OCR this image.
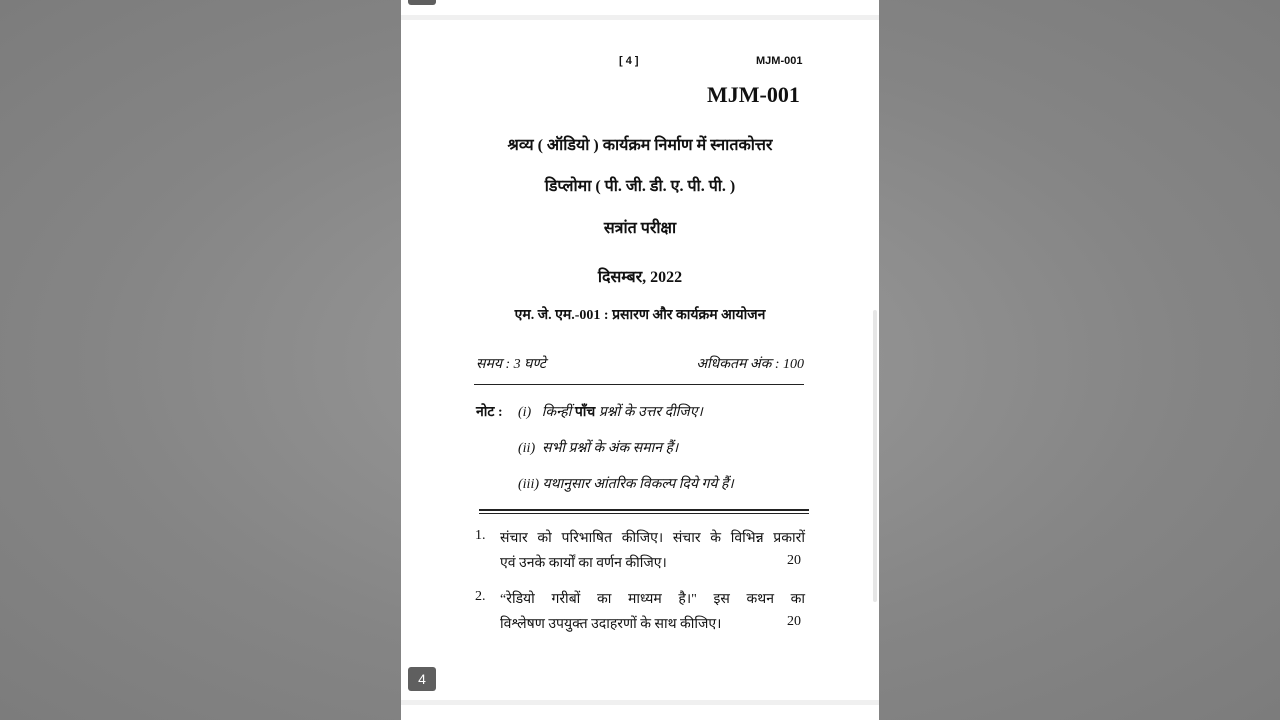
[ 4 ]	MJM-001
MJM-001
श्रव्य ( ऑडियो ) कार्यक्रम निर्माण में स्नातकोत्तर
डिप्लोमा ( पी. जी. डी. ए. पी. पी. )
सत्रांत परीक्षा
दिसम्बर, 2022
एम. जे. एम.-001 : प्रसारण और कार्यक्रम आयोजन
समय : 3 घण्टे	अधिकतम अंक : 100
नोट : (i) किन्हीं पाँच प्रश्नों के उत्तर दीजिए।
(ii) सभी प्रश्नों के अंक समान हैं।
(iii) यथानुसार आंतरिक विकल्प दिये गये हैं।
1. संचार को परिभाषित कीजिए। संचार के विभिन्न प्रकारों
एवं उनके कार्यों का वर्णन कीजिए।	20
2. “रेडियो गरीबों का माध्यम है।" इस कथन का
विश्लेषण उपयुक्त उदाहरणों के साथ कीजिए।	20
4
